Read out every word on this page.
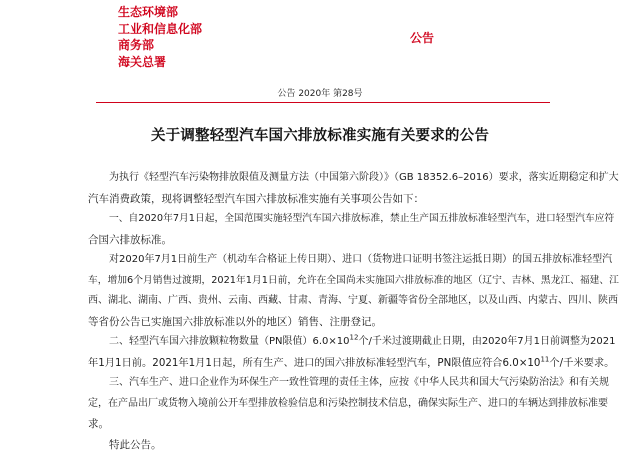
生态环境部
工业和信息化部
商务部
海关总署
公告
公告 2020年 第28号
关于调整轻型汽车国六排放标准实施有关要求的公告
为执行《轻型汽车污染物排放限值及测量方法（中国第六阶段）》（GB 18352.6–2016）要求，落实近期稳定和扩大
汽车消费政策，现将调整轻型汽车国六排放标准实施有关事项公告如下：
一、自2020年7月1日起，全国范围实施轻型汽车国六排放标准，禁止生产国五排放标准轻型汽车，进口轻型汽车应符
合国六排放标准。
对2020年7月1日前生产（机动车合格证上传日期）、进口（货物进口证明书签注运抵日期）的国五排放标准轻型汽
车，增加6个月销售过渡期，2021年1月1日前，允许在全国尚未实施国六排放标准的地区（辽宁、吉林、黑龙江、福建、江
西、湖北、湖南、广西、贵州、云南、西藏、甘肃、青海、宁夏、新疆等省份全部地区，以及山西、内蒙古、四川、陕西
等省份公告已实施国六排放标准以外的地区）销售、注册登记。
二、轻型汽车国六排放颗粒物数量（PN限值）$6.0\times 10^{12}$个/千米过渡期截止日期，由2020年7月1日前调整为2021
年1月1日前。2021年1月1日起，所有生产、进口的国六排放标准轻型汽车，PN限值应符合$6.0\times 10^{11}$个/千米要求。
三、汽车生产、进口企业作为环保生产一致性管理的责任主体，应按《中华人民共和国大气污染防治法》和有关规
定，在产品出厂或货物入境前公开车型排放检验信息和污染控制技术信息，确保实际生产、进口的车辆达到排放标准要
求。
特此公告。
